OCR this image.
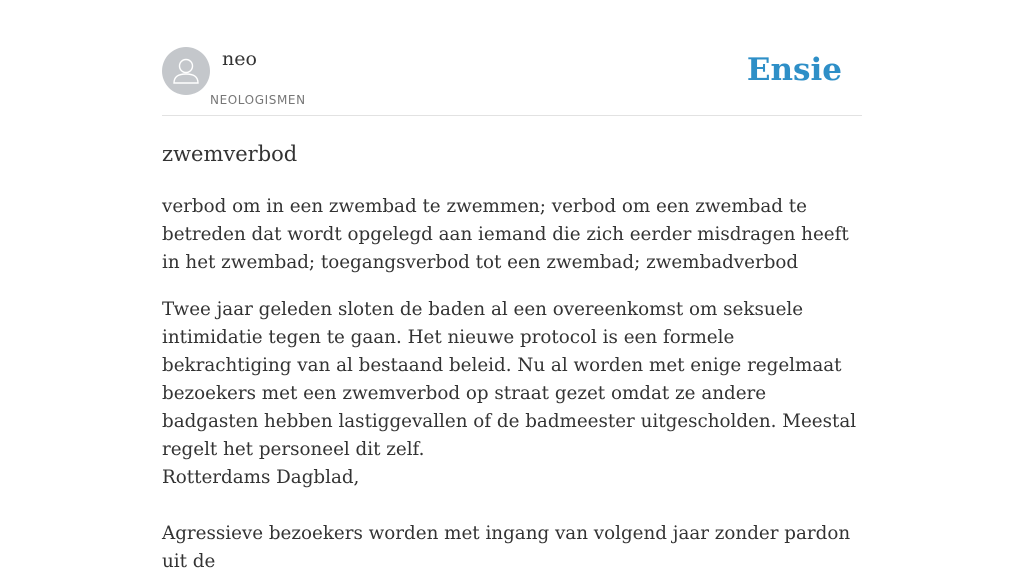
neo
NEOLOGISMEN
Ensie
zwemverbod

verbod om in een zwembad te zwemmen; verbod om een zwembad te betreden dat wordt opgelegd aan iemand die zich eerder misdragen heeft in het zwembad; toegangsverbod tot een zwembad; zwembadverbod

Twee jaar geleden sloten de baden al een overeenkomst om seksuele intimidatie tegen te gaan. Het nieuwe protocol is een formele bekrachtiging van al bestaand beleid. Nu al worden met enige regelmaat bezoekers met een zwemverbod op straat gezet omdat ze andere badgasten hebben lastiggevallen of de badmeester uitgescholden. Meestal regelt het personeel dit zelf.
Rotterdams Dagblad,

Agressieve bezoekers worden met ingang van volgend jaar zonder pardon uit de
